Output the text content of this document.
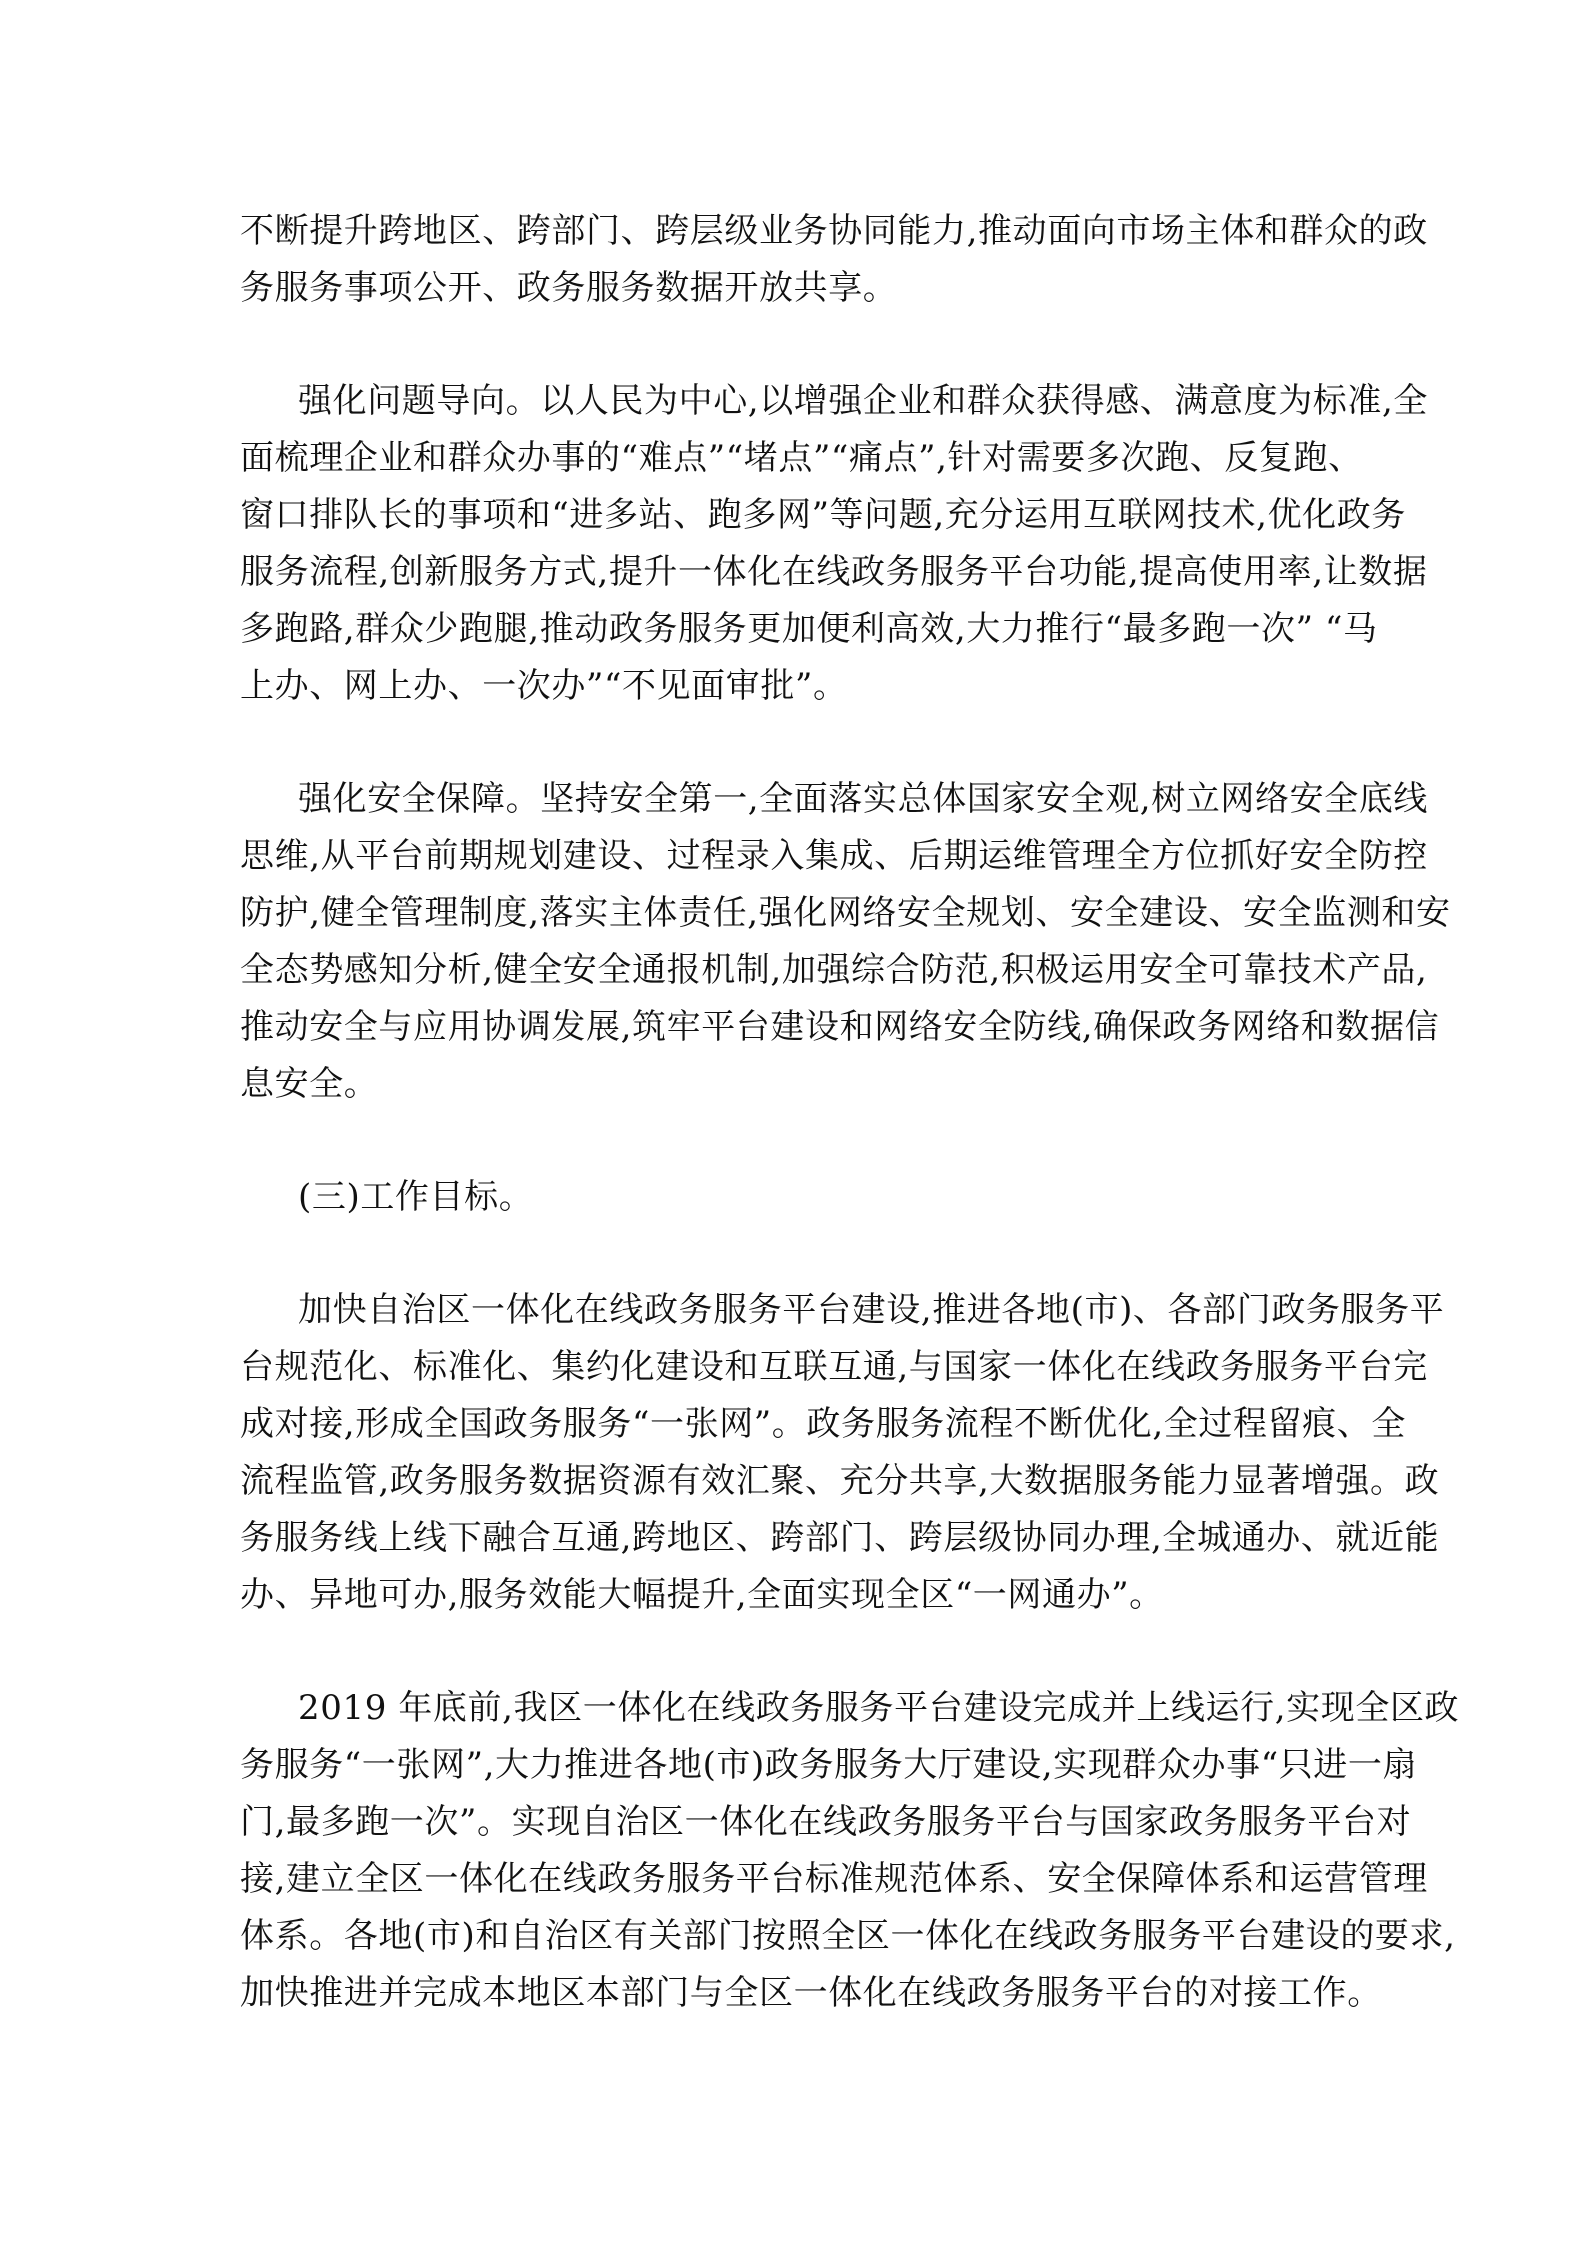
不断提升跨地区、跨部门、跨层级业务协同能力,推动面向市场主体和群众的政
务服务事项公开、政务服务数据开放共享。
强化问题导向。以人民为中心,以增强企业和群众获得感、满意度为标准,全
面梳理企业和群众办事的“难点”“堵点”“痛点”,针对需要多次跑、反复跑、
窗口排队长的事项和“进多站、跑多网”等问题,充分运用互联网技术,优化政务
服务流程,创新服务方式,提升一体化在线政务服务平台功能,提高使用率,让数据
多跑路,群众少跑腿,推动政务服务更加便利高效,大力推行“最多跑一次” “马
上办、网上办、一次办”“不见面审批”。
强化安全保障。坚持安全第一,全面落实总体国家安全观,树立网络安全底线
思维,从平台前期规划建设、过程录入集成、后期运维管理全方位抓好安全防控
防护,健全管理制度,落实主体责任,强化网络安全规划、安全建设、安全监测和安
全态势感知分析,健全安全通报机制,加强综合防范,积极运用安全可靠技术产品,
推动安全与应用协调发展,筑牢平台建设和网络安全防线,确保政务网络和数据信
息安全。
(三)工作目标。
加快自治区一体化在线政务服务平台建设,推进各地(市)、各部门政务服务平
台规范化、标准化、集约化建设和互联互通,与国家一体化在线政务服务平台完
成对接,形成全国政务服务“一张网”。政务服务流程不断优化,全过程留痕、全
流程监管,政务服务数据资源有效汇聚、充分共享,大数据服务能力显著增强。政
务服务线上线下融合互通,跨地区、跨部门、跨层级协同办理,全城通办、就近能
办、异地可办,服务效能大幅提升,全面实现全区“一网通办”。
2019 年底前,我区一体化在线政务服务平台建设完成并上线运行,实现全区政
务服务“一张网”,大力推进各地(市)政务服务大厅建设,实现群众办事“只进一扇
门,最多跑一次”。实现自治区一体化在线政务服务平台与国家政务服务平台对
接,建立全区一体化在线政务服务平台标准规范体系、安全保障体系和运营管理
体系。各地(市)和自治区有关部门按照全区一体化在线政务服务平台建设的要求,
加快推进并完成本地区本部门与全区一体化在线政务服务平台的对接工作。
